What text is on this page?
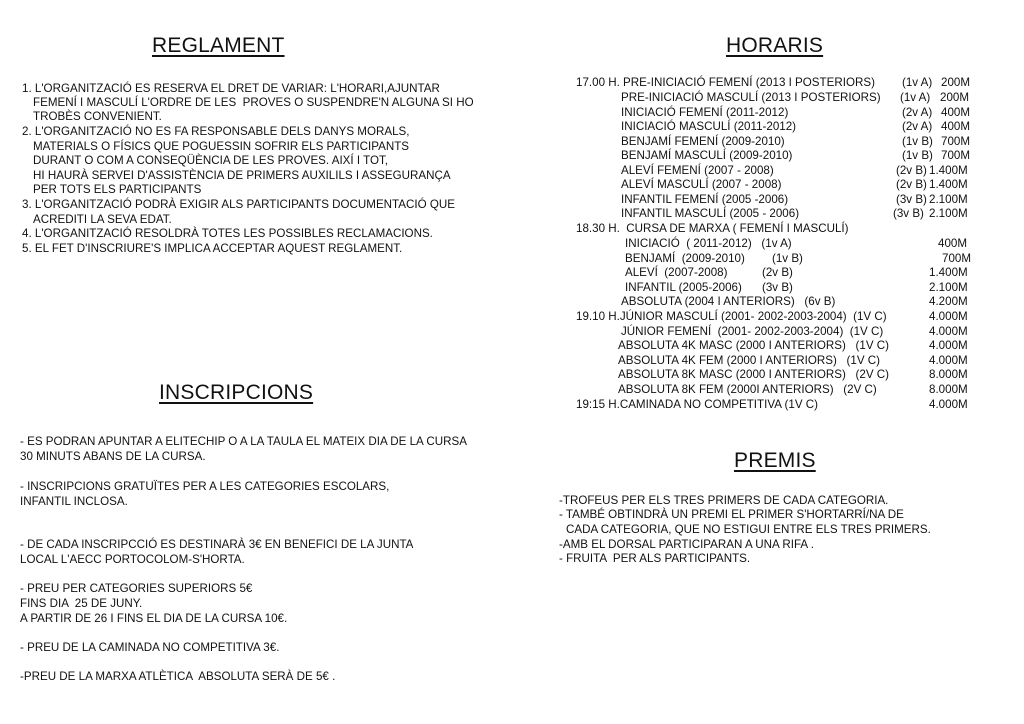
REGLAMENT
1. L'ORGANITZACIÓ ES RESERVA EL DRET DE VARIAR: L'HORARI,AJUNTAR
FEMENÍ I MASCULÍ L'ORDRE DE LES  PROVES O SUSPENDRE'N ALGUNA SI HO
TROBÈS CONVENIENT.
2. L'ORGANITZACIÓ NO ES FA RESPONSABLE DELS DANYS MORALS,
MATERIALS O FÍSICS QUE POGUESSIN SOFRIR ELS PARTICIPANTS
DURANT O COM A CONSEQÜÈNCIA DE LES PROVES. AIXÍ I TOT,
HI HAURÀ SERVEI D'ASSISTÈNCIA DE PRIMERS AUXILILS I ASSEGURANÇA
PER TOTS ELS PARTICIPANTS
3. L'ORGANITZACIÓ PODRÀ EXIGIR ALS PARTICIPANTS DOCUMENTACIÓ QUE
ACREDITI LA SEVA EDAT.
4. L'ORGANITZACIÓ RESOLDRÀ TOTES LES POSSIBLES RECLAMACIONS.
5. EL FET D'INSCRIURE'S IMPLICA ACCEPTAR AQUEST REGLAMENT.
INSCRIPCIONS
- ES PODRAN APUNTAR A ELITECHIP O A LA TAULA EL MATEIX DIA DE LA CURSA
30 MINUTS ABANS DE LA CURSA.
- INSCRIPCIONS GRATUÏTES PER A LES CATEGORIES ESCOLARS,
INFANTIL INCLOSA.
- DE CADA INSCRIPCCIÓ ES DESTINARÀ 3€ EN BENEFICI DE LA JUNTA
LOCAL L'AECC PORTOCOLOM-S'HORTA.
- PREU PER CATEGORIES SUPERIORS 5€
FINS DIA  25 DE JUNY.
A PARTIR DE 26 I FINS EL DIA DE LA CURSA 10€.
- PREU DE LA CAMINADA NO COMPETITIVA 3€.
-PREU DE LA MARXA ATLÈTICA  ABSOLUTA SERÀ DE 5€ .
HORARIS
17.00 H. PRE-INICIACIÓ FEMENÍ (2013 I POSTERIORS) (1v A) 200M
PRE-INICIACIÓ MASCULÍ (2013 I POSTERIORS) (1v A) 200M
INICIACIÓ FEMENÍ (2011-2012)	(2v A) 400M
INICIACIÓ MASCULÍ (2011-2012)	(2v A) 400M
BENJAMÍ FEMENÍ (2009-2010)	(1v B) 700M
BENJAMÍ MASCULÍ (2009-2010)	(1v B) 700M
ALEVÍ FEMENÍ (2007 - 2008)	(2v B) 1.400M
ALEVÍ MASCULÍ (2007 - 2008)	(2v B) 1.400M
INFANTIL FEMENÍ (2005 -2006)	(3v B) 2.100M
INFANTIL MASCULÍ (2005 - 2006)	(3v B) 2.100M
18.30 H.  CURSA DE MARXA ( FEMENÍ I MASCULÍ)
INICIACIÓ  ( 2011-2012)   (1v A)	400M
BENJAMÍ  (2009-2010) (1v B)	700M
ALEVÍ  (2007-2008)	(2v B)	1.400M
INFANTIL (2005-2006) (3v B)	2.100M
ABSOLUTA (2004 I ANTERIORS)   (6v B)	4.200M
19.10 H.JÚNIOR MASCULÍ (2001- 2002-2003-2004)  (1V C)	4.000M
JÚNIOR FEMENÍ  (2001- 2002-2003-2004)  (1V C)	4.000M
ABSOLUTA 4K MASC (2000 I ANTERIORS)   (1V C)	4.000M
ABSOLUTA 4K FEM (2000 I ANTERIORS)   (1V C)	4.000M
ABSOLUTA 8K MASC (2000 I ANTERIORS)   (2V C)	8.000M
ABSOLUTA 8K FEM (2000I ANTERIORS)   (2V C)	8.000M
19:15 H.CAMINADA NO COMPETITIVA (1V C)	4.000M
PREMIS
-TROFEUS PER ELS TRES PRIMERS DE CADA CATEGORIA.
- TAMBÉ OBTINDRÀ UN PREMI EL PRIMER S'HORTARRÍ/NA DE
CADA CATEGORIA, QUE NO ESTIGUI ENTRE ELS TRES PRIMERS.
-AMB EL DORSAL PARTICIPARAN A UNA RIFA .
- FRUITA  PER ALS PARTICIPANTS.
